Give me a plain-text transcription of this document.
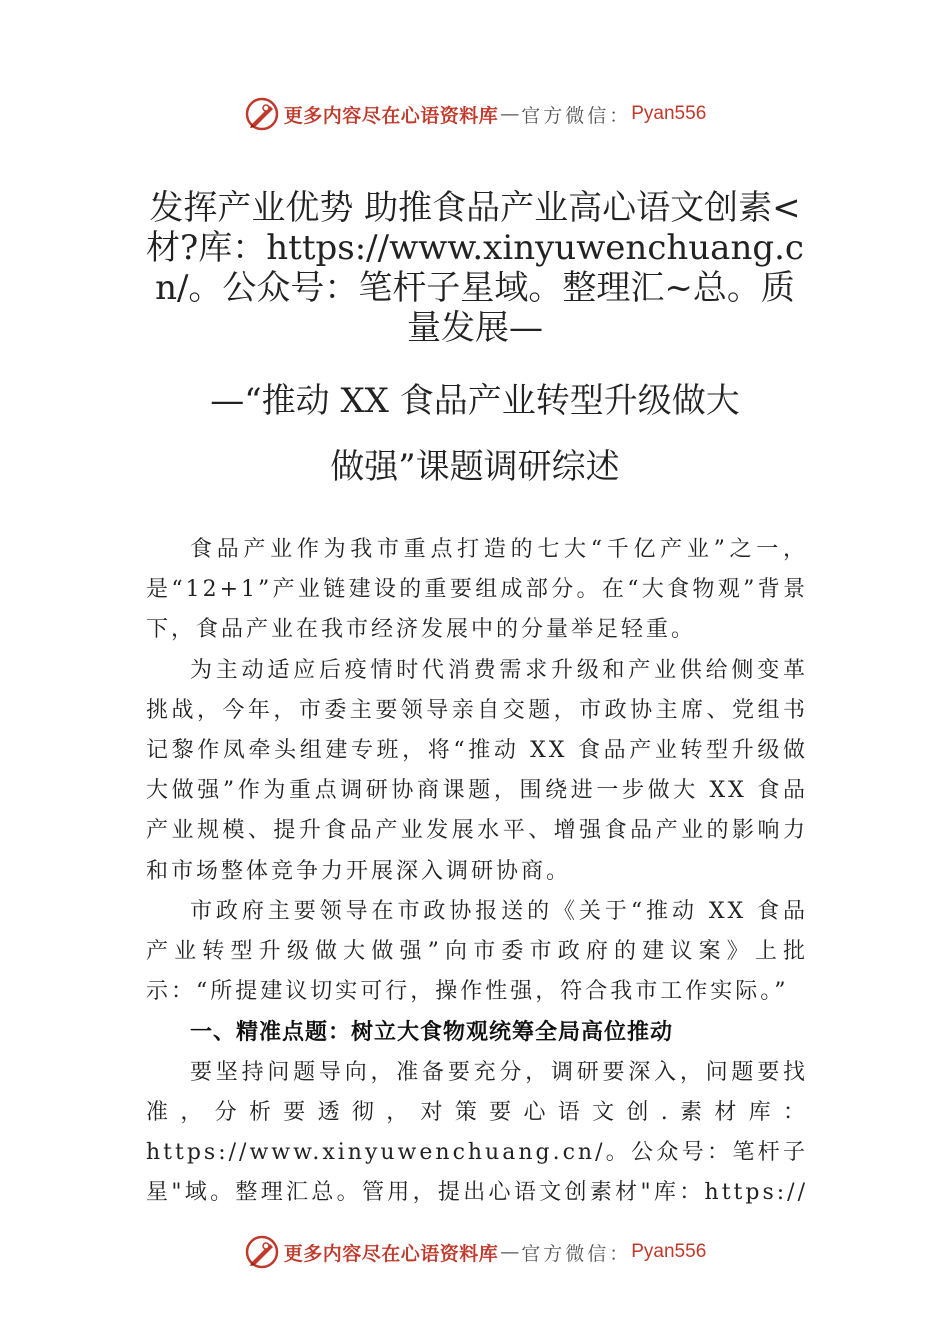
更多内容尽在心语资料库 — 官方微信： Pyan556
发挥产业优势 助推食品产业高心语文创素<材?库：https://www.xinyuwenchuang.cn/。公众号：笔杆子星域。整理汇~总。质量发展—
—“推动 XX 食品产业转型升级做大
做强”课题调研综述

食品产业作为我市重点打造的七大“千亿产业”之一，是“12+1”产业链建设的重要组成部分。在“大食物观”背景下，食品产业在我市经济发展中的分量举足轻重。

为主动适应后疫情时代消费需求升级和产业供给侧变革挑战，今年，市委主要领导亲自交题，市政协主席、党组书记黎作凤牵头组建专班，将“推动 XX 食品产业转型升级做大做强”作为重点调研协商课题，围绕进一步做大 XX 食品产业规模、提升食品产业发展水平、增强食品产业的影响力和市场整体竞争力开展深入调研协商。

市政府主要领导在市政协报送的《关于“推动 XX 食品产业转型升级做大做强”向市委市政府的建议案》上批示：“所提建议切实可行，操作性强，符合我市工作实际。”

一、精准点题：树立大食物观统筹全局高位推动

要坚持问题导向，准备要充分，调研要深入，问题要找准，分析要透彻，对策要心语文创.素材库：https://www.xinyuwenchuang.cn/。公众号：笔杆子星"域。整理汇总。管用，提出心语文创素材"库：https://

更多内容尽在心语资料库 — 官方微信： Pyan556
